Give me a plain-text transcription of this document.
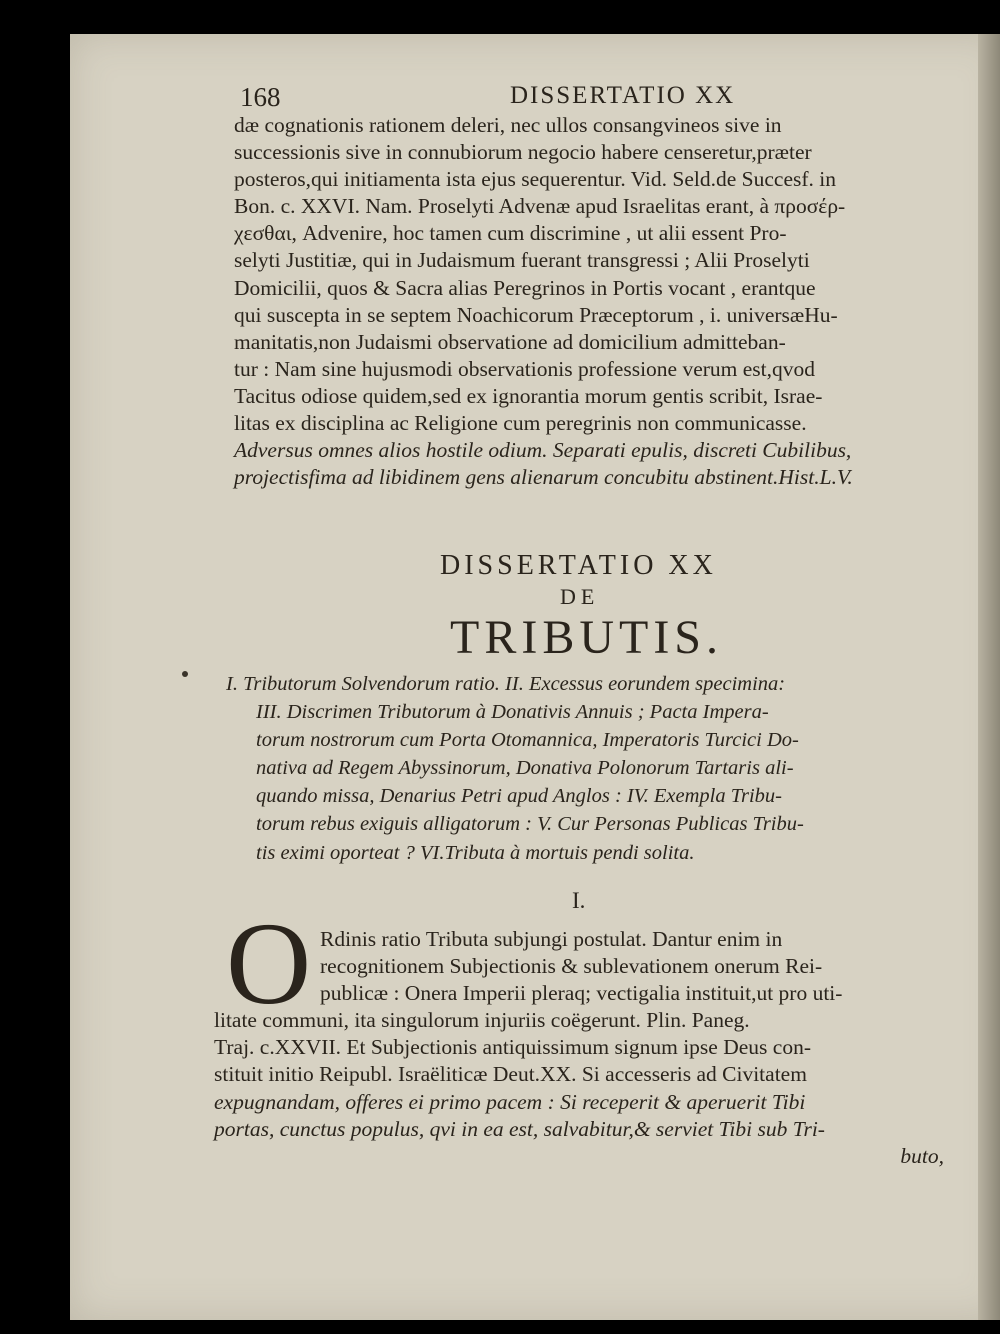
168	DISSERTATIO XX
dæ cognationis rationem deleri, nec ullos consangvineos sive in
successionis sive in connubiorum negocio habere censeretur,præter
posteros,qui initiamenta ista ejus sequerentur. Vid. Seld.de Succesf. in
Bon. c. XXVI. Nam. Proselyti Advenæ apud Israelitas erant, à προσέρ-
χεσθαι, Advenire, hoc tamen cum discrimine , ut alii essent Pro-
selyti Justitiæ, qui in Judaismum fuerant transgressi ; Alii Proselyti
Domicilii, quos & Sacra alias Peregrinos in Portis vocant , erantque
qui suscepta in se septem Noachicorum Præceptorum , i. universæHu-
manitatis,non Judaismi observatione ad domicilium admitteban-
tur : Nam sine hujusmodi observationis professione verum est,qvod
Tacitus odiose quidem,sed ex ignorantia morum gentis scribit, Israe-
litas ex disciplina ac Religione cum peregrinis non communicasse.
Adversus omnes alios hostile odium. Separati epulis, discreti Cubilibus,
projectisfima ad libidinem gens alienarum concubitu abstinent.Hist.L.V.
DISSERTATIO XX
DE
TRIBUTIS.
I. Tributorum Solvendorum ratio. II. Excessus eorundem specimina:
III. Discrimen Tributorum à Donativis Annuis ; Pacta Impera-
torum nostrorum cum Porta Otomannica, Imperatoris Turcici Do-
nativa ad Regem Abyssinorum, Donativa Polonorum Tartaris ali-
quando missa, Denarius Petri apud Anglos : IV. Exempla Tribu-
torum rebus exiguis alligatorum : V. Cur Personas Publicas Tribu-
tis eximi oporteat ? VI.Tributa à mortuis pendi solita.
I.
O Rdinis ratio Tributa subjungi postulat. Dantur enim in
recognitionem Subjectionis & sublevationem onerum Rei-
publicæ : Onera Imperii pleraq; vectigalia instituit,ut pro uti-
litate communi, ita singulorum injuriis coëgerunt. Plin. Paneg.
Traj. c.XXVII. Et Subjectionis antiquissimum signum ipse Deus con-
stituit initio Reipubl. Israëliticæ Deut.XX. Si accesseris ad Civitatem
expugnandam, offeres ei primo pacem : Si receperit & aperuerit Tibi
portas, cunctus populus, qvi in ea est, salvabitur,& serviet Tibi sub Tri-
buto,
